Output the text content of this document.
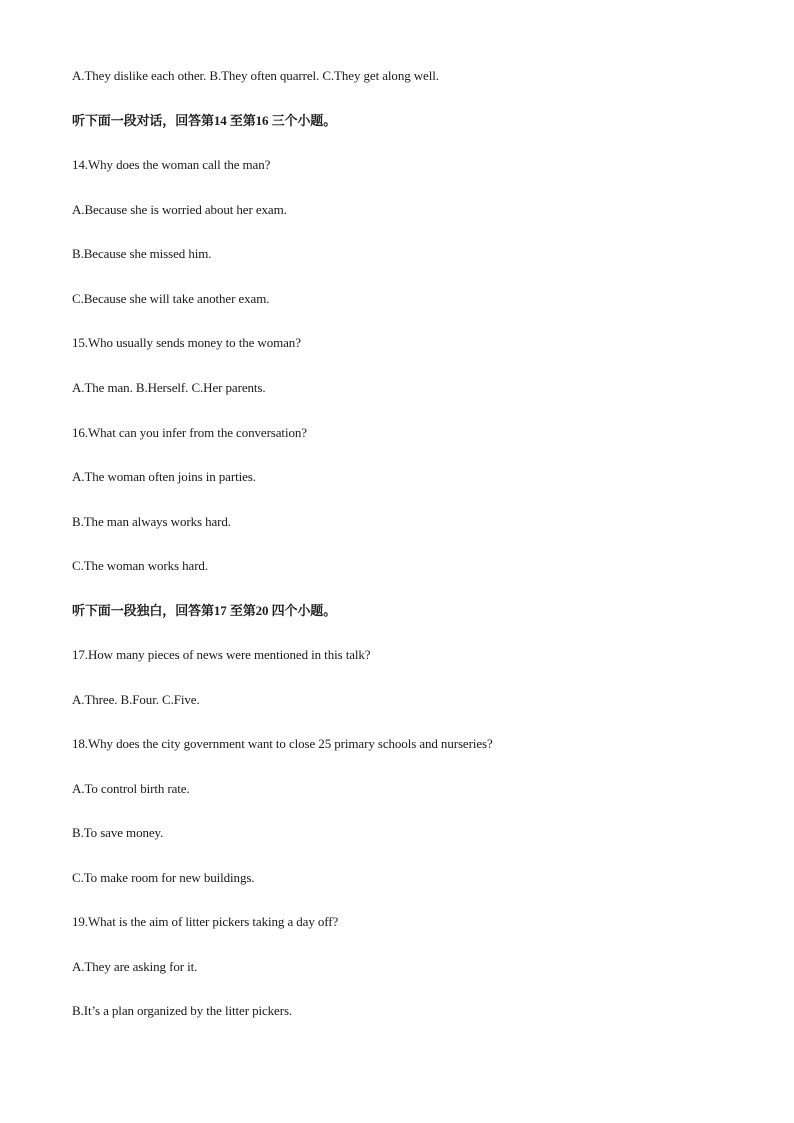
A.They dislike each other. B.They often quarrel. C.They get along well.
听下面一段对话，回答第14 至第16 三个小题。
14.Why does the woman call the man?
A.Because she is worried about her exam.
B.Because she missed him.
C.Because she will take another exam.
15.Who usually sends money to the woman?
A.The man. B.Herself. C.Her parents.
16.What can you infer from the conversation?
A.The woman often joins in parties.
B.The man always works hard.
C.The woman works hard.
听下面一段独白，回答第17 至第20 四个小题。
17.How many pieces of news were mentioned in this talk?
A.Three. B.Four. C.Five.
18.Why does the city government want to close 25 primary schools and nurseries?
A.To control birth rate.
B.To save money.
C.To make room for new buildings.
19.What is the aim of litter pickers taking a day off?
A.They are asking for it.
B.It’s a plan organized by the litter pickers.
